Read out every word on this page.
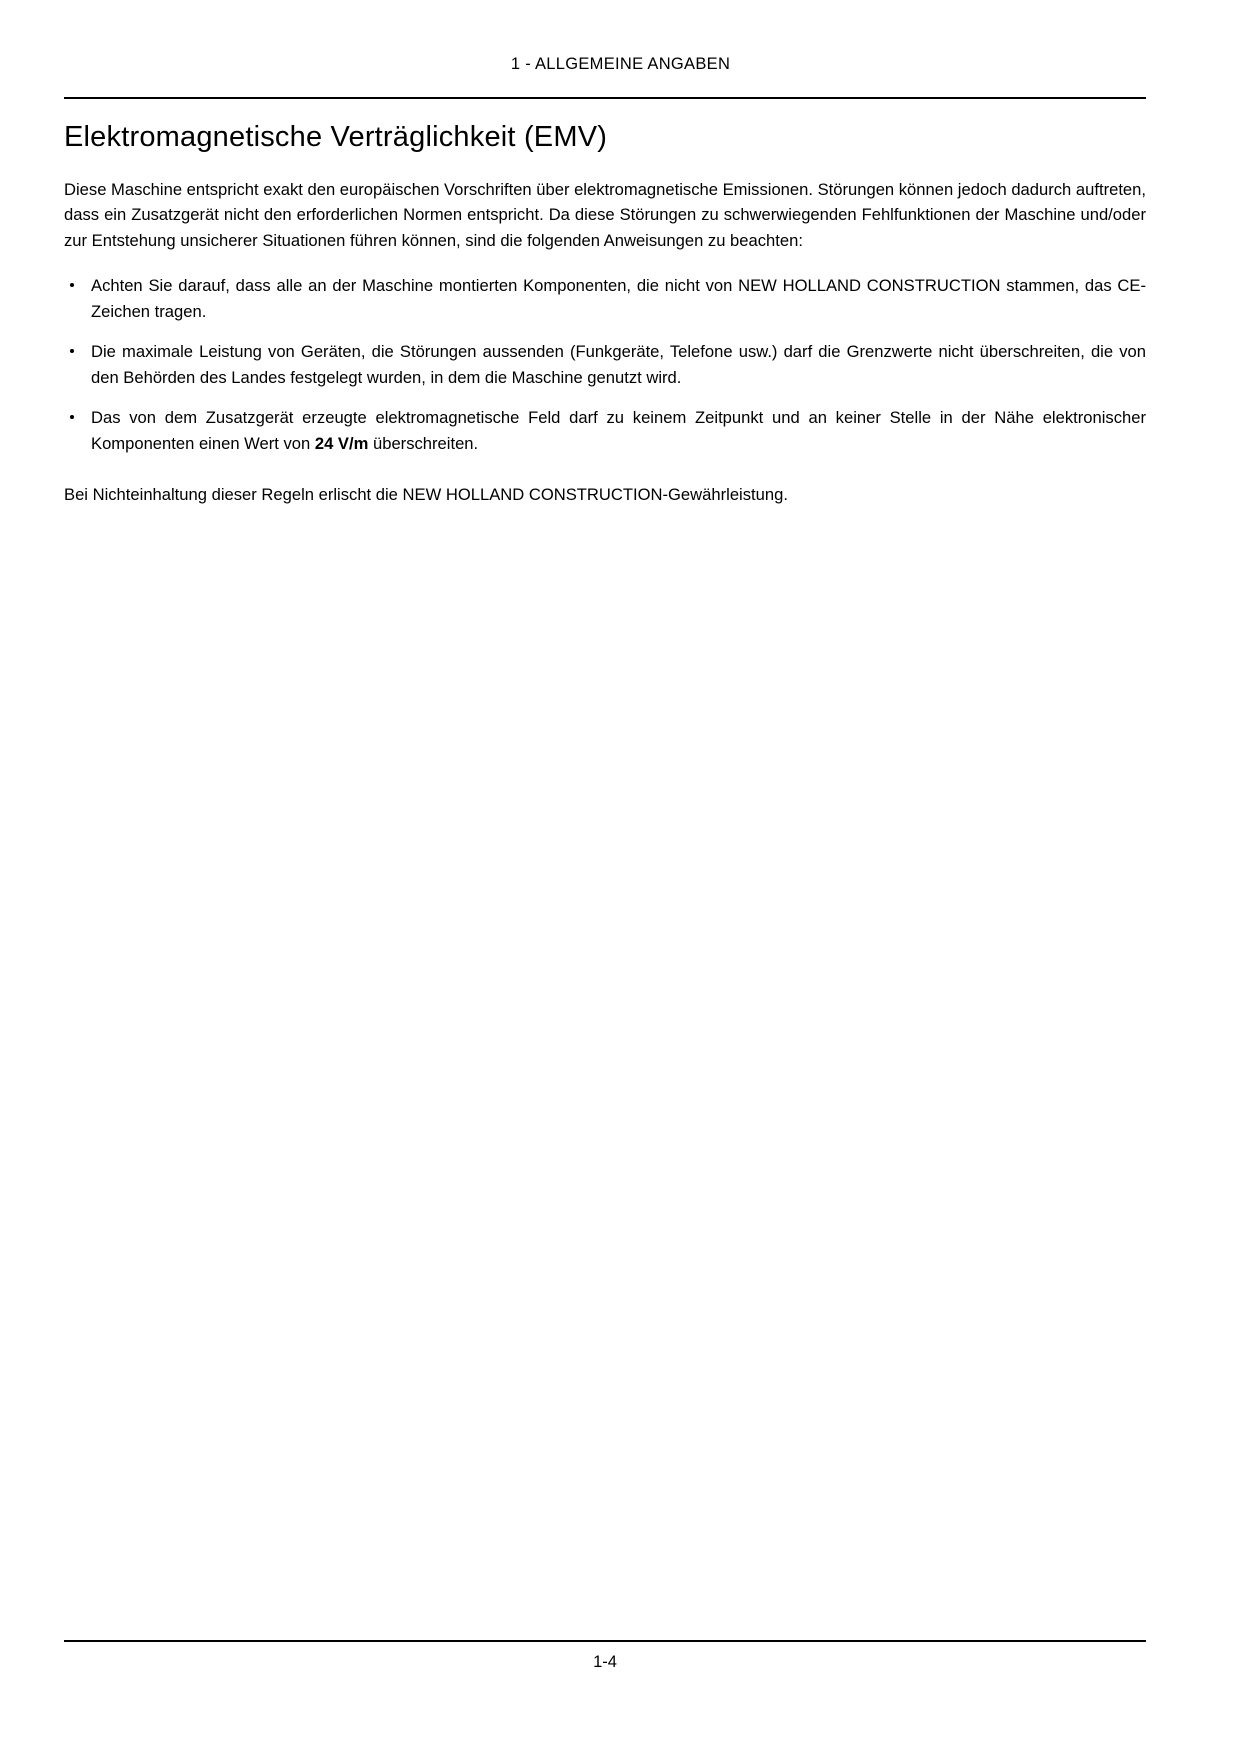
1 - ALLGEMEINE ANGABEN
Elektromagnetische Verträglichkeit (EMV)

Diese Maschine entspricht exakt den europäischen Vorschriften über elektromagnetische Emissionen. Störungen können jedoch dadurch auftreten, dass ein Zusatzgerät nicht den erforderlichen Normen entspricht. Da diese Störungen zu schwerwiegenden Fehlfunktionen der Maschine und/oder zur Entstehung unsicherer Situationen führen können, sind die folgenden Anweisungen zu beachten:

Achten Sie darauf, dass alle an der Maschine montierten Komponenten, die nicht von NEW HOLLAND CONSTRUCTION stammen, das CE-Zeichen tragen.
Die maximale Leistung von Geräten, die Störungen aussenden (Funkgeräte, Telefone usw.) darf die Grenzwerte nicht überschreiten, die von den Behörden des Landes festgelegt wurden, in dem die Maschine genutzt wird.
Das von dem Zusatzgerät erzeugte elektromagnetische Feld darf zu keinem Zeitpunkt und an keiner Stelle in der Nähe elektronischer Komponenten einen Wert von 24 V/m überschreiten.

Bei Nichteinhaltung dieser Regeln erlischt die NEW HOLLAND CONSTRUCTION-Gewährleistung.

1-4
